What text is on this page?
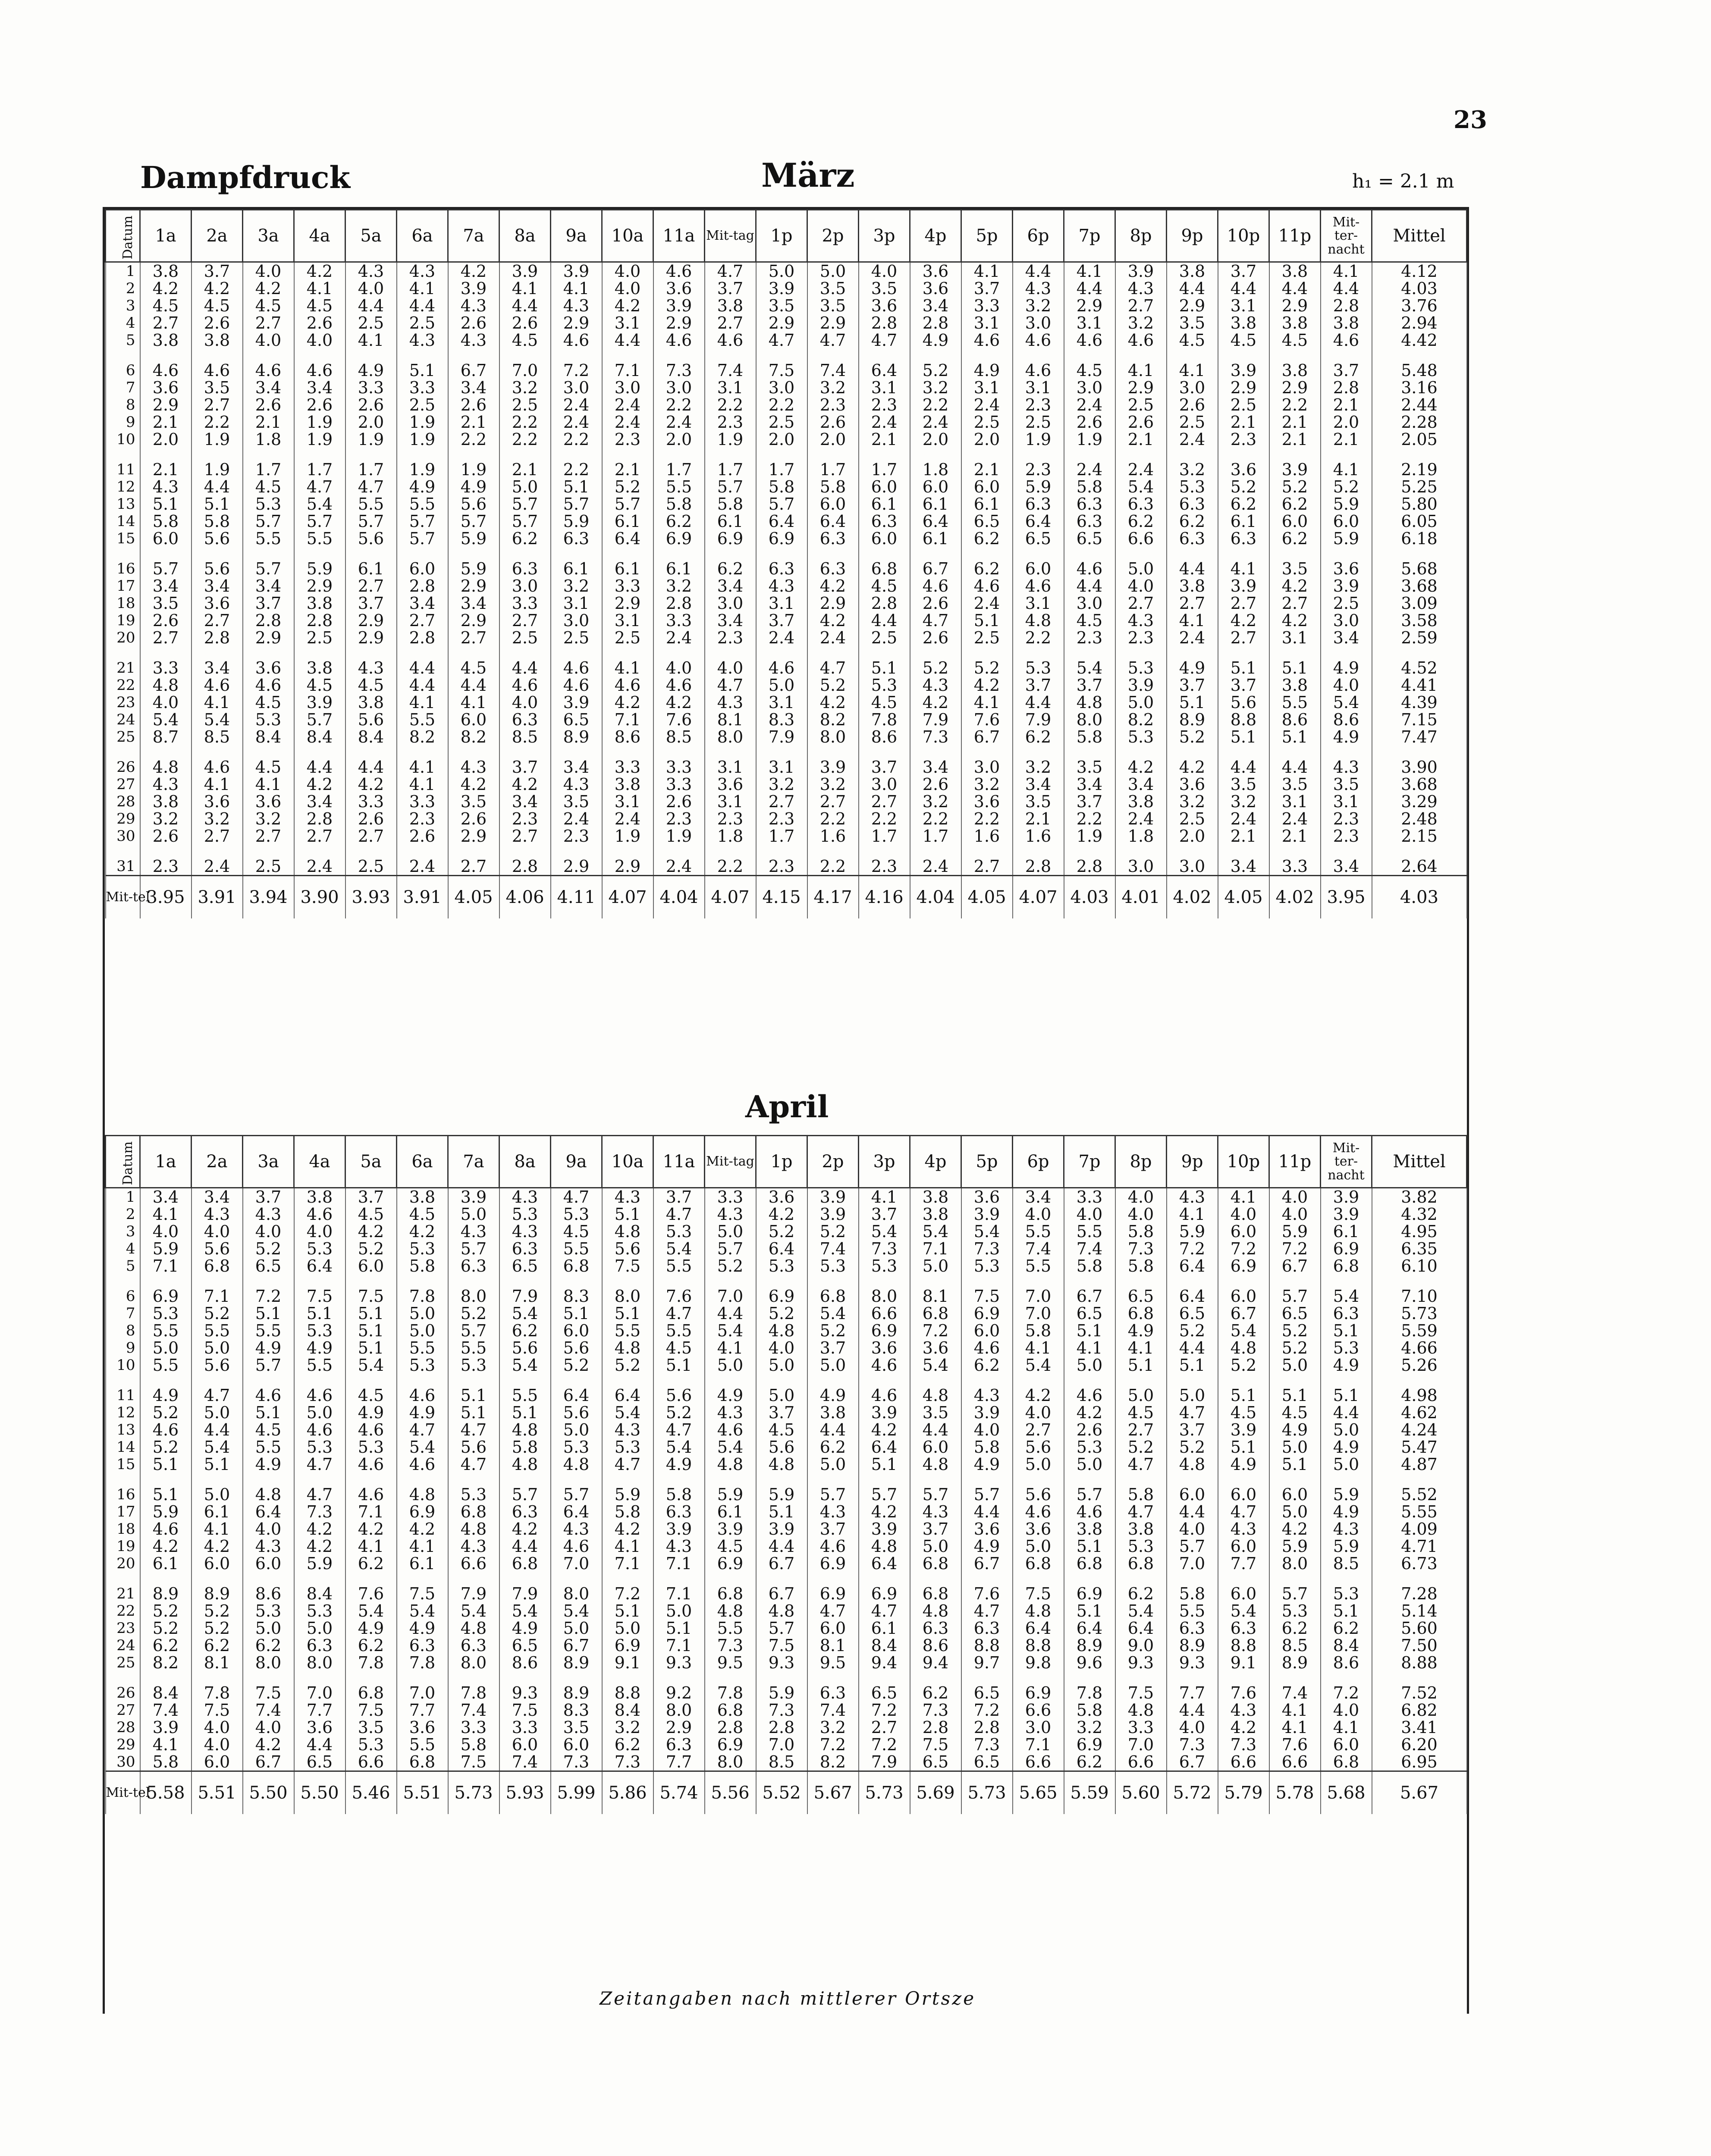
23
Dampfdruck	März	h₁ = 2.1 m
Datum	1a	2a	3a	4a	5a	6a	7a	8a	9a	10a	11a	Mit-tag	1p	2p	3p	4p	5p	6p	7p	8p	9p	10p	11p	Mit-ter-nacht	Mittel
1	3.8	3.7	4.0	4.2	4.3	4.3	4.2	3.9	3.9	4.0	4.6	4.7	5.0	5.0	4.0	3.6	4.1	4.4	4.1	3.9	3.8	3.7	3.8	4.1	4.12
2	4.2	4.2	4.2	4.1	4.0	4.1	3.9	4.1	4.1	4.0	3.6	3.7	3.9	3.5	3.5	3.6	3.7	4.3	4.4	4.3	4.4	4.4	4.4	4.4	4.03
3	4.5	4.5	4.5	4.5	4.4	4.4	4.3	4.4	4.3	4.2	3.9	3.8	3.5	3.5	3.6	3.4	3.3	3.2	2.9	2.7	2.9	3.1	2.9	2.8	3.76
4	2.7	2.6	2.7	2.6	2.5	2.5	2.6	2.6	2.9	3.1	2.9	2.7	2.9	2.9	2.8	2.8	3.1	3.0	3.1	3.2	3.5	3.8	3.8	3.8	2.94
5	3.8	3.8	4.0	4.0	4.1	4.3	4.3	4.5	4.6	4.4	4.6	4.6	4.7	4.7	4.7	4.9	4.6	4.6	4.6	4.6	4.5	4.5	4.5	4.6	4.42

6	4.6	4.6	4.6	4.6	4.9	5.1	6.7	7.0	7.2	7.1	7.3	7.4	7.5	7.4	6.4	5.2	4.9	4.6	4.5	4.1	4.1	3.9	3.8	3.7	5.48
7	3.6	3.5	3.4	3.4	3.3	3.3	3.4	3.2	3.0	3.0	3.0	3.1	3.0	3.2	3.1	3.2	3.1	3.1	3.0	2.9	3.0	2.9	2.9	2.8	3.16
8	2.9	2.7	2.6	2.6	2.6	2.5	2.6	2.5	2.4	2.4	2.2	2.2	2.2	2.3	2.3	2.2	2.4	2.3	2.4	2.5	2.6	2.5	2.2	2.1	2.44
9	2.1	2.2	2.1	1.9	2.0	1.9	2.1	2.2	2.4	2.4	2.4	2.3	2.5	2.6	2.4	2.4	2.5	2.5	2.6	2.6	2.5	2.1	2.1	2.0	2.28
10	2.0	1.9	1.8	1.9	1.9	1.9	2.2	2.2	2.2	2.3	2.0	1.9	2.0	2.0	2.1	2.0	2.0	1.9	1.9	2.1	2.4	2.3	2.1	2.1	2.05

11	2.1	1.9	1.7	1.7	1.7	1.9	1.9	2.1	2.2	2.1	1.7	1.7	1.7	1.7	1.7	1.8	2.1	2.3	2.4	2.4	3.2	3.6	3.9	4.1	2.19
12	4.3	4.4	4.5	4.7	4.7	4.9	4.9	5.0	5.1	5.2	5.5	5.7	5.8	5.8	6.0	6.0	6.0	5.9	5.8	5.4	5.3	5.2	5.2	5.2	5.25
13	5.1	5.1	5.3	5.4	5.5	5.5	5.6	5.7	5.7	5.7	5.8	5.8	5.7	6.0	6.1	6.1	6.1	6.3	6.3	6.3	6.3	6.2	6.2	5.9	5.80
14	5.8	5.8	5.7	5.7	5.7	5.7	5.7	5.7	5.9	6.1	6.2	6.1	6.4	6.4	6.3	6.4	6.5	6.4	6.3	6.2	6.2	6.1	6.0	6.0	6.05
15	6.0	5.6	5.5	5.5	5.6	5.7	5.9	6.2	6.3	6.4	6.9	6.9	6.9	6.3	6.0	6.1	6.2	6.5	6.5	6.6	6.3	6.3	6.2	5.9	6.18

16	5.7	5.6	5.7	5.9	6.1	6.0	5.9	6.3	6.1	6.1	6.1	6.2	6.3	6.3	6.8	6.7	6.2	6.0	4.6	5.0	4.4	4.1	3.5	3.6	5.68
17	3.4	3.4	3.4	2.9	2.7	2.8	2.9	3.0	3.2	3.3	3.2	3.4	4.3	4.2	4.5	4.6	4.6	4.6	4.4	4.0	3.8	3.9	4.2	3.9	3.68
18	3.5	3.6	3.7	3.8	3.7	3.4	3.4	3.3	3.1	2.9	2.8	3.0	3.1	2.9	2.8	2.6	2.4	3.1	3.0	2.7	2.7	2.7	2.7	2.5	3.09
19	2.6	2.7	2.8	2.8	2.9	2.7	2.9	2.7	3.0	3.1	3.3	3.4	3.7	4.2	4.4	4.7	5.1	4.8	4.5	4.3	4.1	4.2	4.2	3.0	3.58
20	2.7	2.8	2.9	2.5	2.9	2.8	2.7	2.5	2.5	2.5	2.4	2.3	2.4	2.4	2.5	2.6	2.5	2.2	2.3	2.3	2.4	2.7	3.1	3.4	2.59

21	3.3	3.4	3.6	3.8	4.3	4.4	4.5	4.4	4.6	4.1	4.0	4.0	4.6	4.7	5.1	5.2	5.2	5.3	5.4	5.3	4.9	5.1	5.1	4.9	4.52
22	4.8	4.6	4.6	4.5	4.5	4.4	4.4	4.6	4.6	4.6	4.6	4.7	5.0	5.2	5.3	4.3	4.2	3.7	3.7	3.9	3.7	3.7	3.8	4.0	4.41
23	4.0	4.1	4.5	3.9	3.8	4.1	4.1	4.0	3.9	4.2	4.2	4.3	3.1	4.2	4.5	4.2	4.1	4.4	4.8	5.0	5.1	5.6	5.5	5.4	4.39
24	5.4	5.4	5.3	5.7	5.6	5.5	6.0	6.3	6.5	7.1	7.6	8.1	8.3	8.2	7.8	7.9	7.6	7.9	8.0	8.2	8.9	8.8	8.6	8.6	7.15
25	8.7	8.5	8.4	8.4	8.4	8.2	8.2	8.5	8.9	8.6	8.5	8.0	7.9	8.0	8.6	7.3	6.7	6.2	5.8	5.3	5.2	5.1	5.1	4.9	7.47

26	4.8	4.6	4.5	4.4	4.4	4.1	4.3	3.7	3.4	3.3	3.3	3.1	3.1	3.9	3.7	3.4	3.0	3.2	3.5	4.2	4.2	4.4	4.4	4.3	3.90
27	4.3	4.1	4.1	4.2	4.2	4.1	4.2	4.2	4.3	3.8	3.3	3.6	3.2	3.2	3.0	2.6	3.2	3.4	3.4	3.4	3.6	3.5	3.5	3.5	3.68
28	3.8	3.6	3.6	3.4	3.3	3.3	3.5	3.4	3.5	3.1	2.6	3.1	2.7	2.7	2.7	3.2	3.6	3.5	3.7	3.8	3.2	3.2	3.1	3.1	3.29
29	3.2	3.2	3.2	2.8	2.6	2.3	2.6	2.3	2.4	2.4	2.3	2.3	2.3	2.2	2.2	2.2	2.2	2.1	2.2	2.4	2.5	2.4	2.4	2.3	2.48
30	2.6	2.7	2.7	2.7	2.7	2.6	2.9	2.7	2.3	1.9	1.9	1.8	1.7	1.6	1.7	1.7	1.6	1.6	1.9	1.8	2.0	2.1	2.1	2.3	2.15

31	2.3	2.4	2.5	2.4	2.5	2.4	2.7	2.8	2.9	2.9	2.4	2.2	2.3	2.2	2.3	2.4	2.7	2.8	2.8	3.0	3.0	3.4	3.3	3.4	2.64
Mit-tel	3.95	3.91	3.94	3.90	3.93	3.91	4.05	4.06	4.11	4.07	4.04	4.07	4.15	4.17	4.16	4.04	4.05	4.07	4.03	4.01	4.02	4.05	4.02	3.95	4.03
April
Datum	1a	2a	3a	4a	5a	6a	7a	8a	9a	10a	11a	Mit-tag	1p	2p	3p	4p	5p	6p	7p	8p	9p	10p	11p	Mit-ter-nacht	Mittel
1	3.4	3.4	3.7	3.8	3.7	3.8	3.9	4.3	4.7	4.3	3.7	3.3	3.6	3.9	4.1	3.8	3.6	3.4	3.3	4.0	4.3	4.1	4.0	3.9	3.82
2	4.1	4.3	4.3	4.6	4.5	4.5	5.0	5.3	5.3	5.1	4.7	4.3	4.2	3.9	3.7	3.8	3.9	4.0	4.0	4.0	4.1	4.0	4.0	3.9	4.32
3	4.0	4.0	4.0	4.0	4.2	4.2	4.3	4.3	4.5	4.8	5.3	5.0	5.2	5.2	5.4	5.4	5.4	5.5	5.5	5.8	5.9	6.0	5.9	6.1	4.95
4	5.9	5.6	5.2	5.3	5.2	5.3	5.7	6.3	5.5	5.6	5.4	5.7	6.4	7.4	7.3	7.1	7.3	7.4	7.4	7.3	7.2	7.2	7.2	6.9	6.35
5	7.1	6.8	6.5	6.4	6.0	5.8	6.3	6.5	6.8	7.5	5.5	5.2	5.3	5.3	5.3	5.0	5.3	5.5	5.8	5.8	6.4	6.9	6.7	6.8	6.10

6	6.9	7.1	7.2	7.5	7.5	7.8	8.0	7.9	8.3	8.0	7.6	7.0	6.9	6.8	8.0	8.1	7.5	7.0	6.7	6.5	6.4	6.0	5.7	5.4	7.10
7	5.3	5.2	5.1	5.1	5.1	5.0	5.2	5.4	5.1	5.1	4.7	4.4	5.2	5.4	6.6	6.8	6.9	7.0	6.5	6.8	6.5	6.7	6.5	6.3	5.73
8	5.5	5.5	5.5	5.3	5.1	5.0	5.7	6.2	6.0	5.5	5.5	5.4	4.8	5.2	6.9	7.2	6.0	5.8	5.1	4.9	5.2	5.4	5.2	5.1	5.59
9	5.0	5.0	4.9	4.9	5.1	5.5	5.5	5.6	5.6	4.8	4.5	4.1	4.0	3.7	3.6	3.6	4.6	4.1	4.1	4.1	4.4	4.8	5.2	5.3	4.66
10	5.5	5.6	5.7	5.5	5.4	5.3	5.3	5.4	5.2	5.2	5.1	5.0	5.0	5.0	4.6	5.4	6.2	5.4	5.0	5.1	5.1	5.2	5.0	4.9	5.26

11	4.9	4.7	4.6	4.6	4.5	4.6	5.1	5.5	6.4	6.4	5.6	4.9	5.0	4.9	4.6	4.8	4.3	4.2	4.6	5.0	5.0	5.1	5.1	5.1	4.98
12	5.2	5.0	5.1	5.0	4.9	4.9	5.1	5.1	5.6	5.4	5.2	4.3	3.7	3.8	3.9	3.5	3.9	4.0	4.2	4.5	4.7	4.5	4.5	4.4	4.62
13	4.6	4.4	4.5	4.6	4.6	4.7	4.7	4.8	5.0	4.3	4.7	4.6	4.5	4.4	4.2	4.4	4.0	2.7	2.6	2.7	3.7	3.9	4.9	5.0	4.24
14	5.2	5.4	5.5	5.3	5.3	5.4	5.6	5.8	5.3	5.3	5.4	5.4	5.6	6.2	6.4	6.0	5.8	5.6	5.3	5.2	5.2	5.1	5.0	4.9	5.47
15	5.1	5.1	4.9	4.7	4.6	4.6	4.7	4.8	4.8	4.7	4.9	4.8	4.8	5.0	5.1	4.8	4.9	5.0	5.0	4.7	4.8	4.9	5.1	5.0	4.87

16	5.1	5.0	4.8	4.7	4.6	4.8	5.3	5.7	5.7	5.9	5.8	5.9	5.9	5.7	5.7	5.7	5.7	5.6	5.7	5.8	6.0	6.0	6.0	5.9	5.52
17	5.9	6.1	6.4	7.3	7.1	6.9	6.8	6.3	6.4	5.8	6.3	6.1	5.1	4.3	4.2	4.3	4.4	4.6	4.6	4.7	4.4	4.7	5.0	4.9	5.55
18	4.6	4.1	4.0	4.2	4.2	4.2	4.8	4.2	4.3	4.2	3.9	3.9	3.9	3.7	3.9	3.7	3.6	3.6	3.8	3.8	4.0	4.3	4.2	4.3	4.09
19	4.2	4.2	4.3	4.2	4.1	4.1	4.3	4.4	4.6	4.1	4.3	4.5	4.4	4.6	4.8	5.0	4.9	5.0	5.1	5.3	5.7	6.0	5.9	5.9	4.71
20	6.1	6.0	6.0	5.9	6.2	6.1	6.6	6.8	7.0	7.1	7.1	6.9	6.7	6.9	6.4	6.8	6.7	6.8	6.8	6.8	7.0	7.7	8.0	8.5	6.73

21	8.9	8.9	8.6	8.4	7.6	7.5	7.9	7.9	8.0	7.2	7.1	6.8	6.7	6.9	6.9	6.8	7.6	7.5	6.9	6.2	5.8	6.0	5.7	5.3	7.28
22	5.2	5.2	5.3	5.3	5.4	5.4	5.4	5.4	5.4	5.1	5.0	4.8	4.8	4.7	4.7	4.8	4.7	4.8	5.1	5.4	5.5	5.4	5.3	5.1	5.14
23	5.2	5.2	5.0	5.0	4.9	4.9	4.8	4.9	5.0	5.0	5.1	5.5	5.7	6.0	6.1	6.3	6.3	6.4	6.4	6.4	6.3	6.3	6.2	6.2	5.60
24	6.2	6.2	6.2	6.3	6.2	6.3	6.3	6.5	6.7	6.9	7.1	7.3	7.5	8.1	8.4	8.6	8.8	8.8	8.9	9.0	8.9	8.8	8.5	8.4	7.50
25	8.2	8.1	8.0	8.0	7.8	7.8	8.0	8.6	8.9	9.1	9.3	9.5	9.3	9.5	9.4	9.4	9.7	9.8	9.6	9.3	9.3	9.1	8.9	8.6	8.88

26	8.4	7.8	7.5	7.0	6.8	7.0	7.8	9.3	8.9	8.8	9.2	7.8	5.9	6.3	6.5	6.2	6.5	6.9	7.8	7.5	7.7	7.6	7.4	7.2	7.52
27	7.4	7.5	7.4	7.7	7.5	7.7	7.4	7.5	8.3	8.4	8.0	6.8	7.3	7.4	7.2	7.3	7.2	6.6	5.8	4.8	4.4	4.3	4.1	4.0	6.82
28	3.9	4.0	4.0	3.6	3.5	3.6	3.3	3.3	3.5	3.2	2.9	2.8	2.8	3.2	2.7	2.8	2.8	3.0	3.2	3.3	4.0	4.2	4.1	4.1	3.41
29	4.1	4.0	4.2	4.4	5.3	5.5	5.8	6.0	6.0	6.2	6.3	6.9	7.0	7.2	7.2	7.5	7.3	7.1	6.9	7.0	7.3	7.3	7.6	6.0	6.20
30	5.8	6.0	6.7	6.5	6.6	6.8	7.5	7.4	7.3	7.3	7.7	8.0	8.5	8.2	7.9	6.5	6.5	6.6	6.2	6.6	6.7	6.6	6.6	6.8	6.95
Mit-tel	5.58	5.51	5.50	5.50	5.46	5.51	5.73	5.93	5.99	5.86	5.74	5.56	5.52	5.67	5.73	5.69	5.73	5.65	5.59	5.60	5.72	5.79	5.78	5.68	5.67
Zeitangaben nach mittlerer Ortsze
